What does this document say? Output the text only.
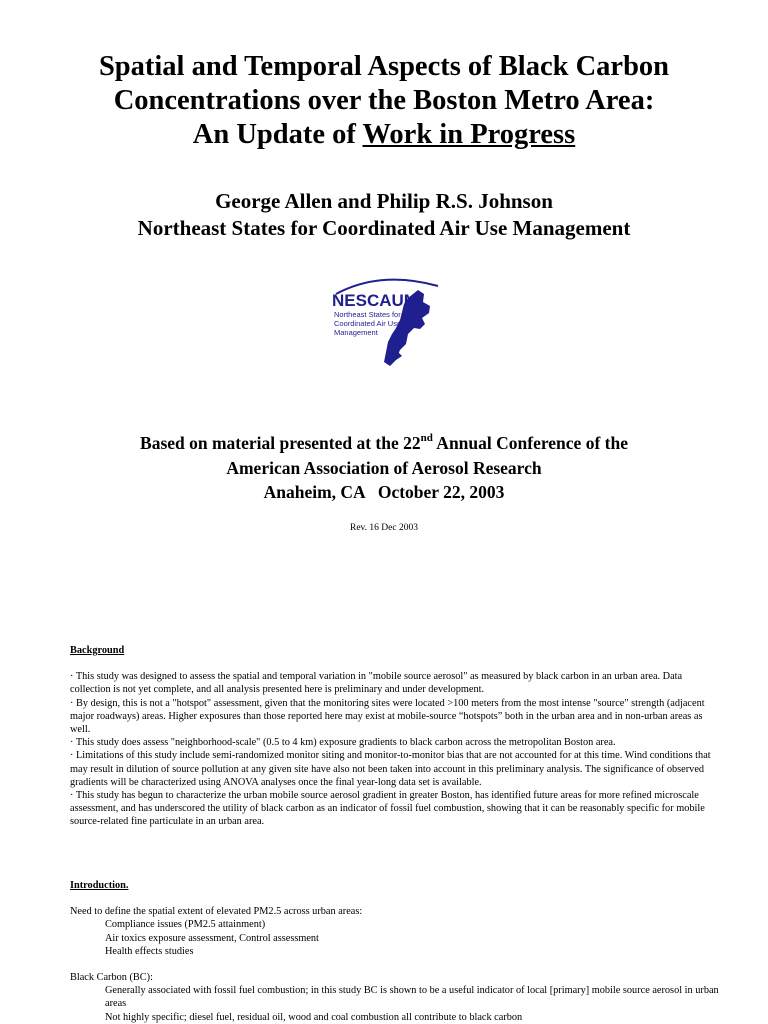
Spatial and Temporal Aspects of Black Carbon
Concentrations over the Boston Metro Area:
An Update of Work in Progress
George Allen and Philip R.S. Johnson
Northeast States for Coordinated Air Use Management
NESCAUM
Northeast States for
Coordinated Air Use
Management
Based on material presented at the 22nd Annual Conference of the
American Association of Aerosol Research
Anaheim, CA   October 22, 2003
Rev. 16 Dec 2003
Background

· This study was designed to assess the spatial and temporal variation in "mobile source aerosol" as measured by black carbon in an urban area. Data collection is not yet complete, and all analysis presented here is preliminary and under development.

· By design, this is not a "hotspot" assessment, given that the monitoring sites were located >100 meters from the most intense "source" strength (adjacent major roadways) areas. Higher exposures than those reported here may exist at mobile-source “hotspots” both in the urban area and in non-urban areas as well.

· This study does assess "neighborhood-scale" (0.5 to 4 km) exposure gradients to black carbon across the metropolitan Boston area.

· Limitations of this study include semi-randomized monitor siting and monitor-to-monitor bias that are not accounted for at this time. Wind conditions that may result in dilution of source pollution at any given site have also not been taken into account in this preliminary analysis. The significance of observed gradients will be characterized using ANOVA analyses once the final year-long data set is available.

· This study has begun to characterize the urban mobile source aerosol gradient in greater Boston, has identified future areas for more refined microscale assessment, and has underscored the utility of black carbon as an indicator of fossil fuel combustion, showing that it can be reasonably specific for mobile source-related fine particulate in an urban area.

Introduction.

Need to define the spatial extent of elevated PM2.5 across urban areas:

Compliance issues (PM2.5 attainment)

Air toxics exposure assessment, Control assessment

Health effects studies

Black Carbon (BC):

Generally associated with fossil fuel combustion; in this study BC is shown to be a useful indicator of local [primary] mobile source aerosol in urban areas

Not highly specific; diesel fuel, residual oil, wood and coal combustion all contribute to black carbon
